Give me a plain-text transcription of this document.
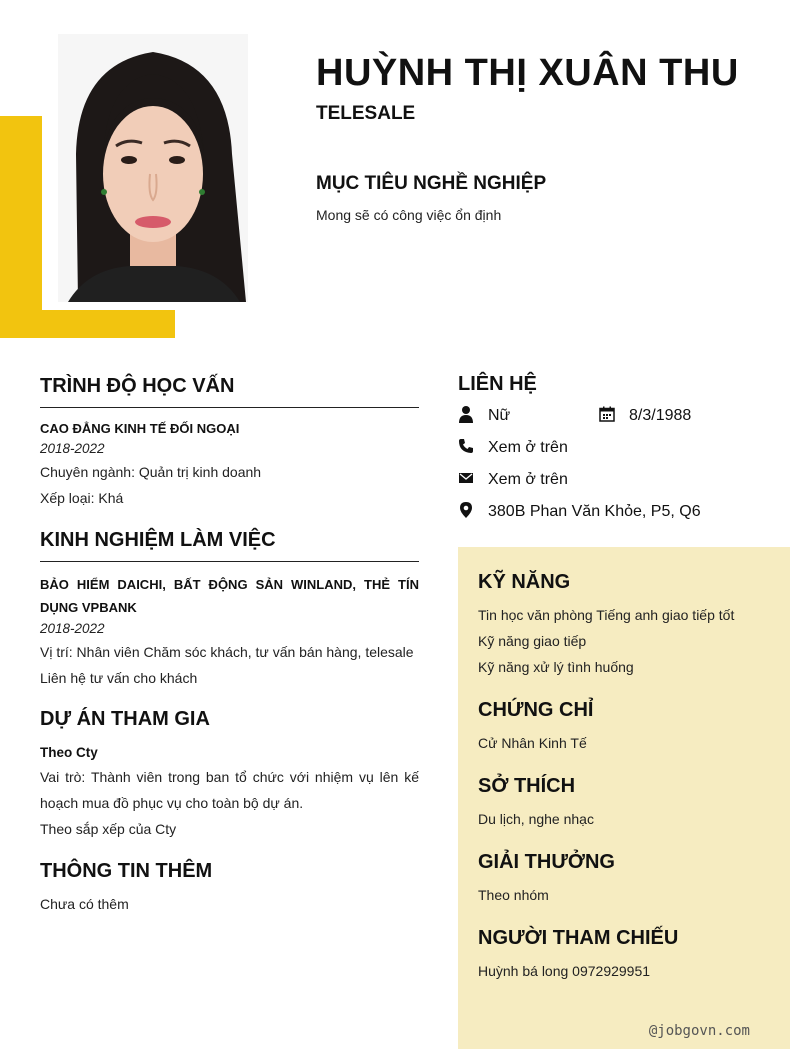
HUỲNH THỊ XUÂN THU
TELESALE
MỤC TIÊU NGHỀ NGHIỆP
Mong sẽ có công việc ổn định
TRÌNH ĐỘ HỌC VẤN
CAO ĐẲNG KINH TẾ ĐỐI NGOẠI
2018-2022
Chuyên ngành: Quản trị kinh doanh
Xếp loại: Khá
KINH NGHIỆM LÀM VIỆC
BẢO HIỂM DAICHI, BẤT ĐỘNG SẢN WINLAND, THẺ TÍN DỤNG VPBANK
2018-2022
Vị trí: Nhân viên Chăm sóc khách, tư vấn bán hàng, telesale
Liên hệ tư vấn cho khách
DỰ ÁN THAM GIA
Theo Cty
Vai trò: Thành viên trong ban tổ chức với nhiệm vụ lên kế hoạch mua đồ phục vụ cho toàn bộ dự án.
Theo sắp xếp của Cty
THÔNG TIN THÊM
Chưa có thêm
LIÊN HỆ
Nữ	8/3/1988
Xem ở trên
Xem ở trên
380B Phan Văn Khỏe, P5, Q6
KỸ NĂNG
Tin học văn phòng Tiếng anh giao tiếp tốt
Kỹ năng giao tiếp
Kỹ năng xử lý tình huống
CHỨNG CHỈ
Cử Nhân Kinh Tế
SỞ THÍCH
Du lịch, nghe nhạc
GIẢI THƯỞNG
Theo nhóm
NGƯỜI THAM CHIẾU
Huỳnh bá long 0972929951
@jobgovn.com
